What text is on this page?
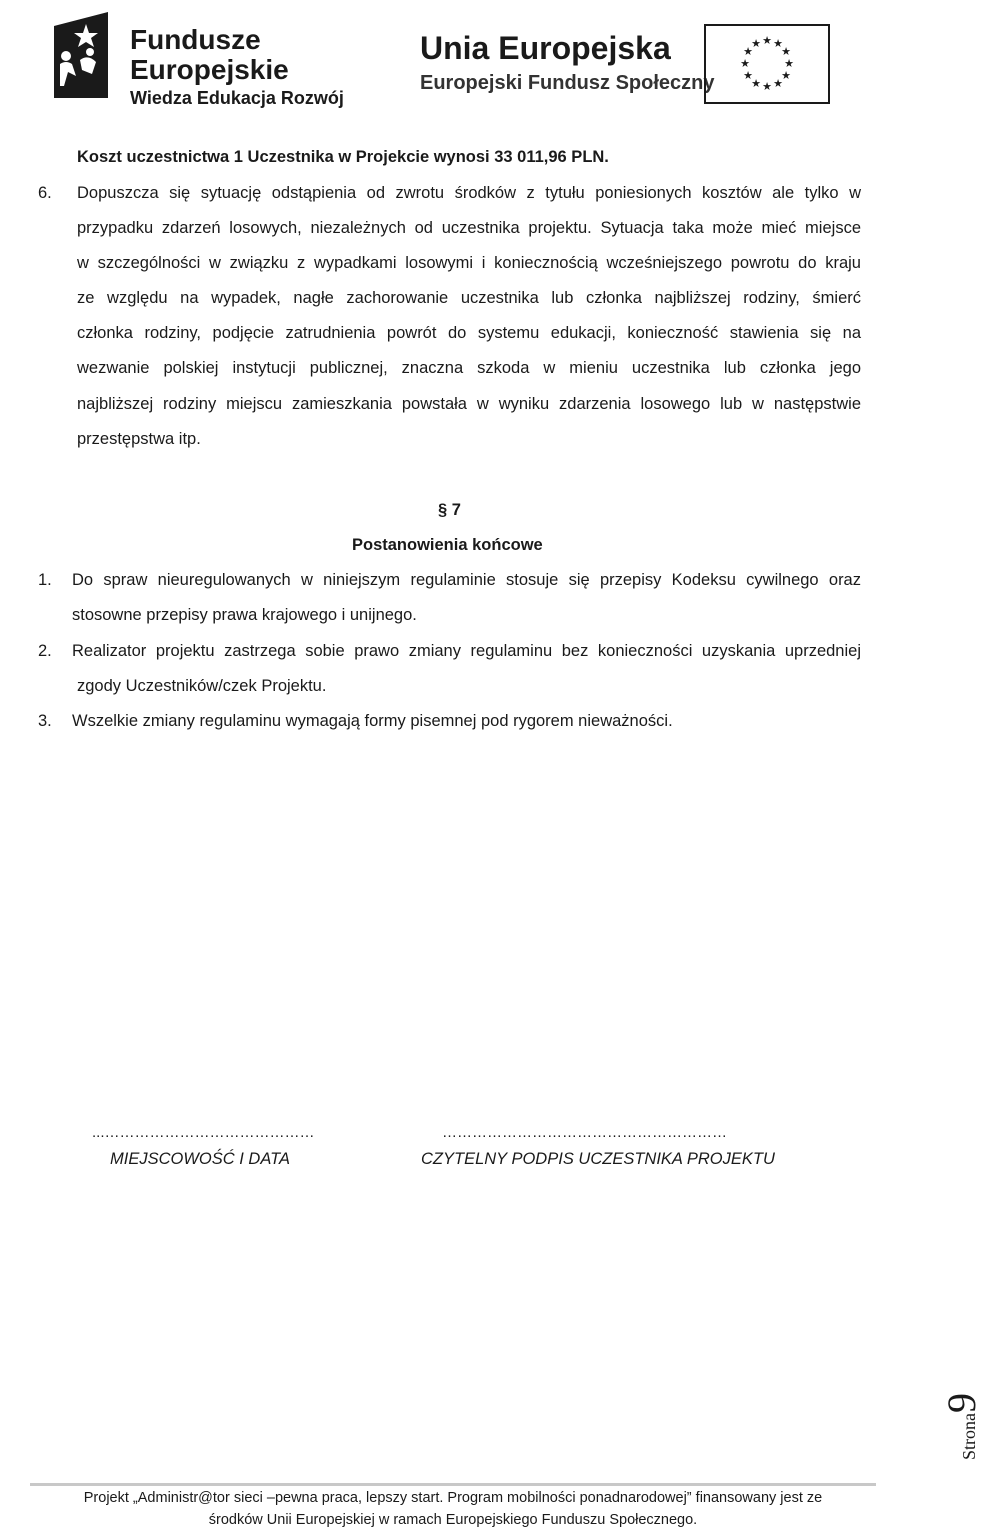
Fundusze
Europejskie
Wiedza Edukacja Rozwój
Unia Europejska
Europejski Fundusz Społeczny
★ ★
★
★
★
★
★
★
★
★
★
★
Koszt uczestnictwa 1 Uczestnika w Projekcie wynosi 33 011,96 PLN.
6. Dopuszcza się sytuację odstąpienia od zwrotu środków z tytułu poniesionych kosztów ale tylko w
przypadku zdarzeń losowych, niezależnych od uczestnika projektu. Sytuacja taka może mieć miejsce
w szczególności w związku z wypadkami losowymi i koniecznością wcześniejszego powrotu do kraju
ze względu na wypadek, nagłe zachorowanie uczestnika lub członka najbliższej rodziny, śmierć
członka rodziny, podjęcie zatrudnienia powrót do systemu edukacji, konieczność stawienia się na
wezwanie polskiej instytucji publicznej, znaczna szkoda w mieniu uczestnika lub członka jego
najbliższej rodziny miejscu zamieszkania powstała w wyniku zdarzenia losowego lub w następstwie
przestępstwa itp.
§ 7
Postanowienia końcowe
1. Do spraw nieuregulowanych w niniejszym regulaminie stosuje się przepisy Kodeksu cywilnego oraz
stosowne przepisy prawa krajowego i unijnego.
2. Realizator projektu zastrzega sobie prawo zmiany regulaminu bez konieczności uzyskania uprzedniej
zgody Uczestników/czek Projektu.
3. Wszelkie zmiany regulaminu wymagają formy pisemnej pod rygorem nieważności.
...……………………………………
MIEJSCOWOŚĆ I DATA
…………………………………………………
CZYTELNY PODPIS UCZESTNIKA PROJEKTU
Strona9
Projekt „Administr@tor sieci –pewna praca, lepszy start. Program mobilności ponadnarodowej” finansowany jest ze
środków Unii Europejskiej w ramach Europejskiego Funduszu Społecznego.
